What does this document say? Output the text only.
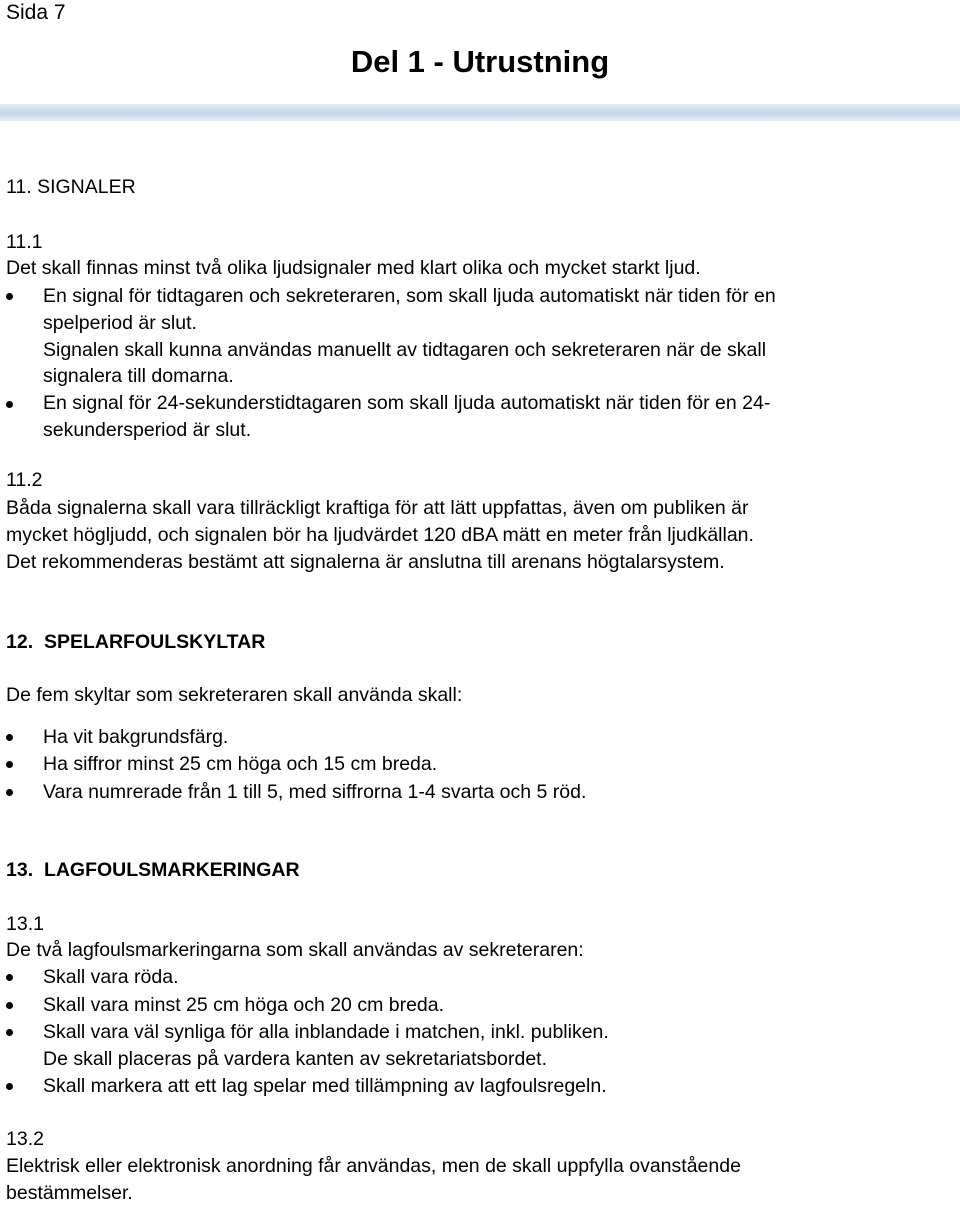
Sida 7
Del 1 - Utrustning
11. SIGNALER
11.1
Det skall finnas minst två olika ljudsignaler med klart olika och mycket starkt ljud.
En signal för tidtagaren och sekreteraren, som skall ljuda automatiskt när tiden för en
spelperiod är slut.
Signalen skall kunna användas manuellt av tidtagaren och sekreteraren när de skall
signalera till domarna.
En signal för 24-sekunderstidtagaren som skall ljuda automatiskt när tiden för en 24-
sekundersperiod är slut.
11.2
Båda signalerna skall vara tillräckligt kraftiga för att lätt uppfattas, även om publiken är
mycket högljudd, och signalen bör ha ljudvärdet 120 dBA mätt en meter från ljudkällan.
Det rekommenderas bestämt att signalerna är anslutna till arenans högtalarsystem.
12.  SPELARFOULSKYLTAR
De fem skyltar som sekreteraren skall använda skall:
Ha vit bakgrundsfärg.
Ha siffror minst 25 cm höga och 15 cm breda.
Vara numrerade från 1 till 5, med siffrorna 1-4 svarta och 5 röd.
13.  LAGFOULSMARKERINGAR
13.1
De två lagfoulsmarkeringarna som skall användas av sekreteraren:
Skall vara röda.
Skall vara minst 25 cm höga och 20 cm breda.
Skall vara väl synliga för alla inblandade i matchen, inkl. publiken.
De skall placeras på vardera kanten av sekretariatsbordet.
Skall markera att ett lag spelar med tillämpning av lagfoulsregeln.
13.2
Elektrisk eller elektronisk anordning får användas, men de skall uppfylla ovanstående
bestämmelser.
